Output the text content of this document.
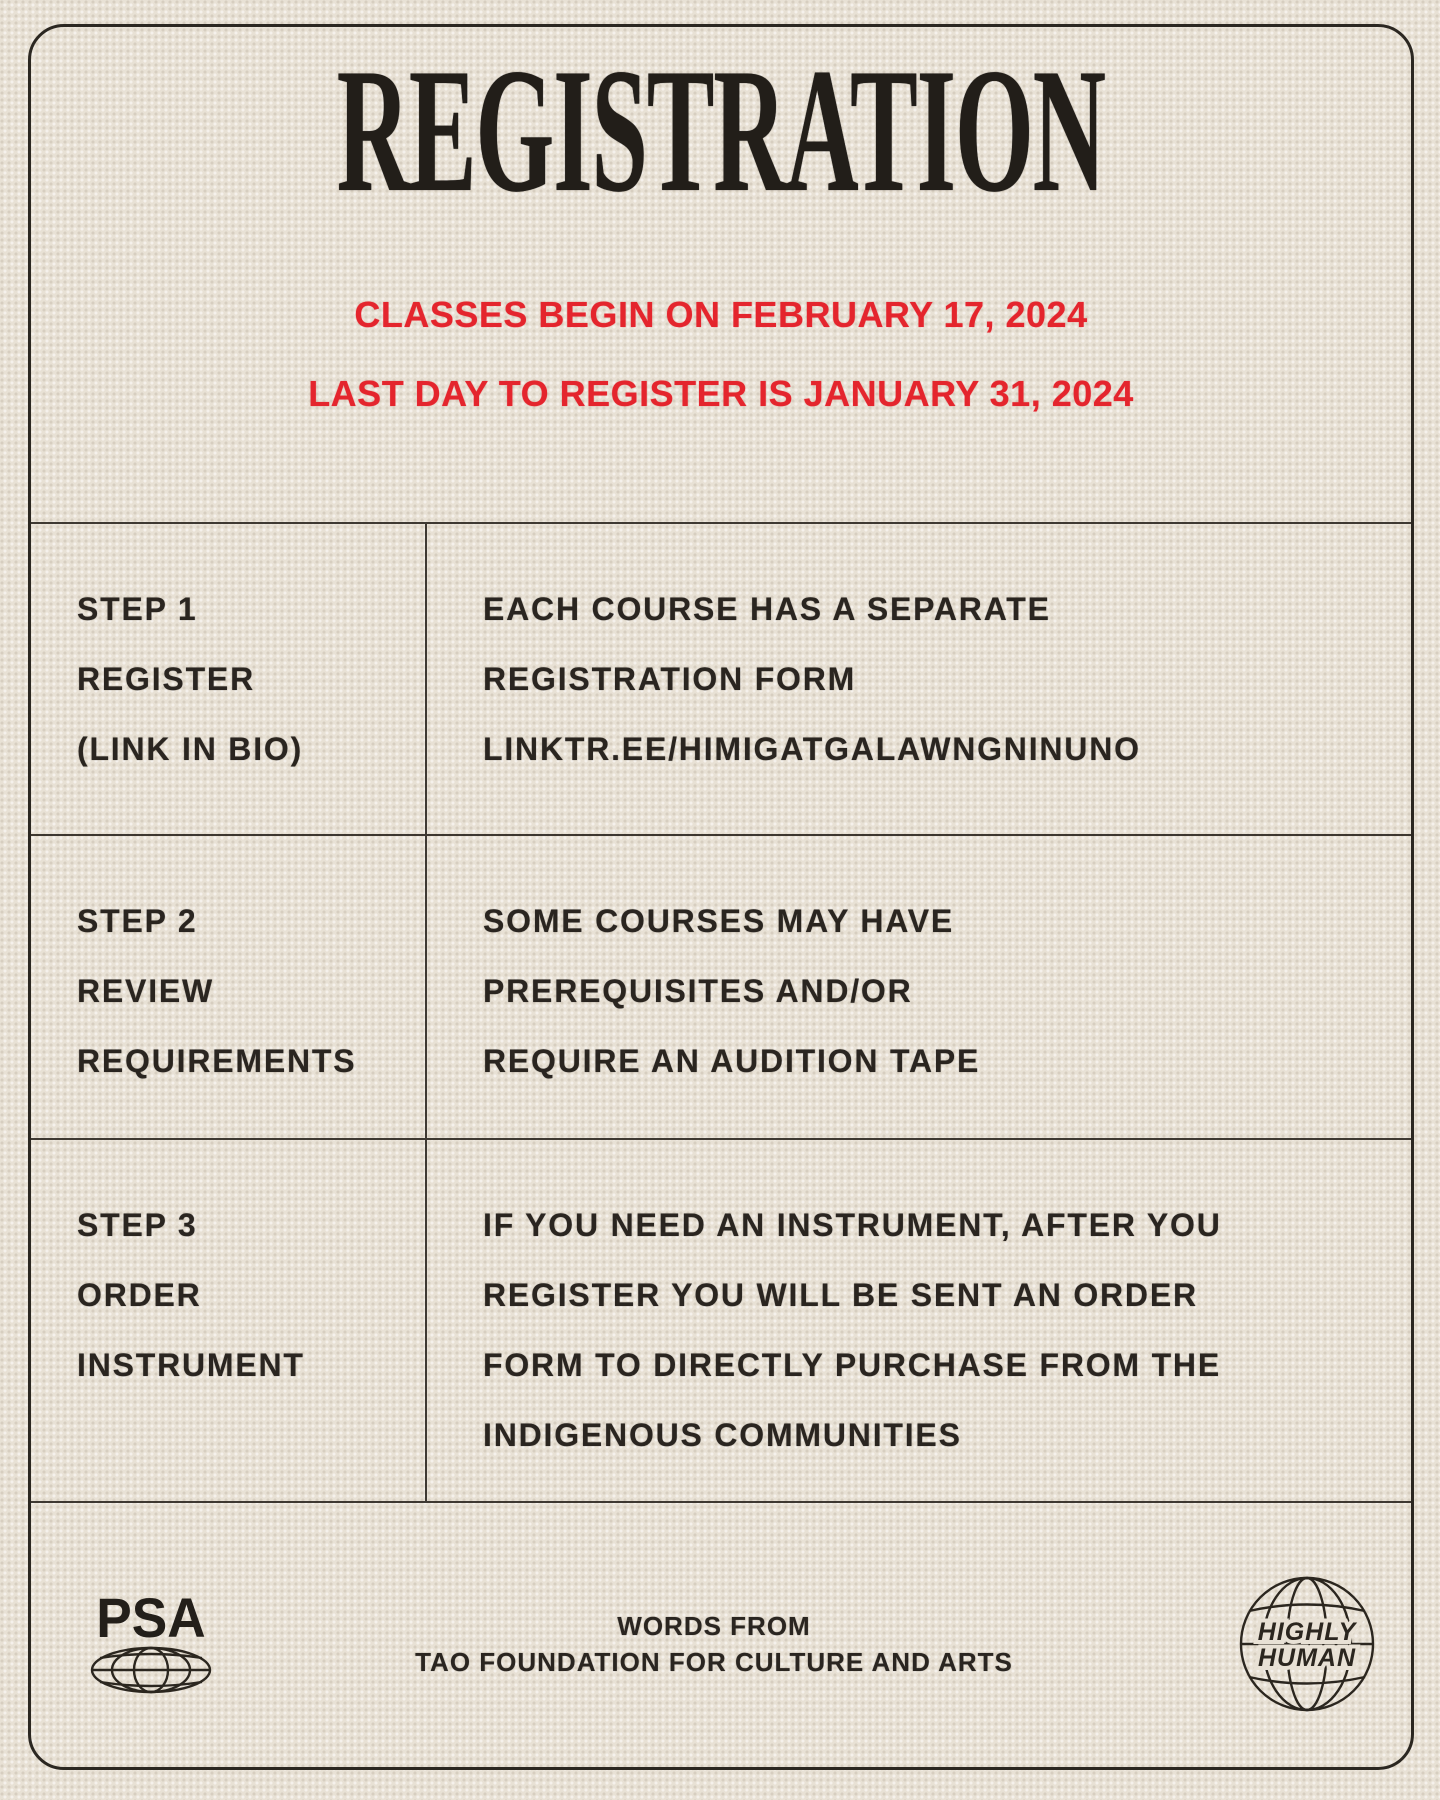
REGISTRATION

CLASSES BEGIN ON FEBRUARY 17, 2024

LAST DAY TO REGISTER IS JANUARY 31, 2024

STEP 1
REGISTER
(LINK IN BIO)
EACH COURSE HAS A SEPARATE
REGISTRATION FORM
LINKTR.EE/HIMIGATGALAWNGNINUNO
STEP 2
REVIEW
REQUIREMENTS
SOME COURSES MAY HAVE
PREREQUISITES AND/OR
REQUIRE AN AUDITION TAPE
STEP 3
ORDER
INSTRUMENT
IF YOU NEED AN INSTRUMENT, AFTER YOU
REGISTER YOU WILL BE SENT AN ORDER
FORM TO DIRECTLY PURCHASE FROM THE
INDIGENOUS COMMUNITIES
PSA	WORDS FROM
TAO FOUNDATION FOR CULTURE AND ARTS
HIGHLY
HUMAN
